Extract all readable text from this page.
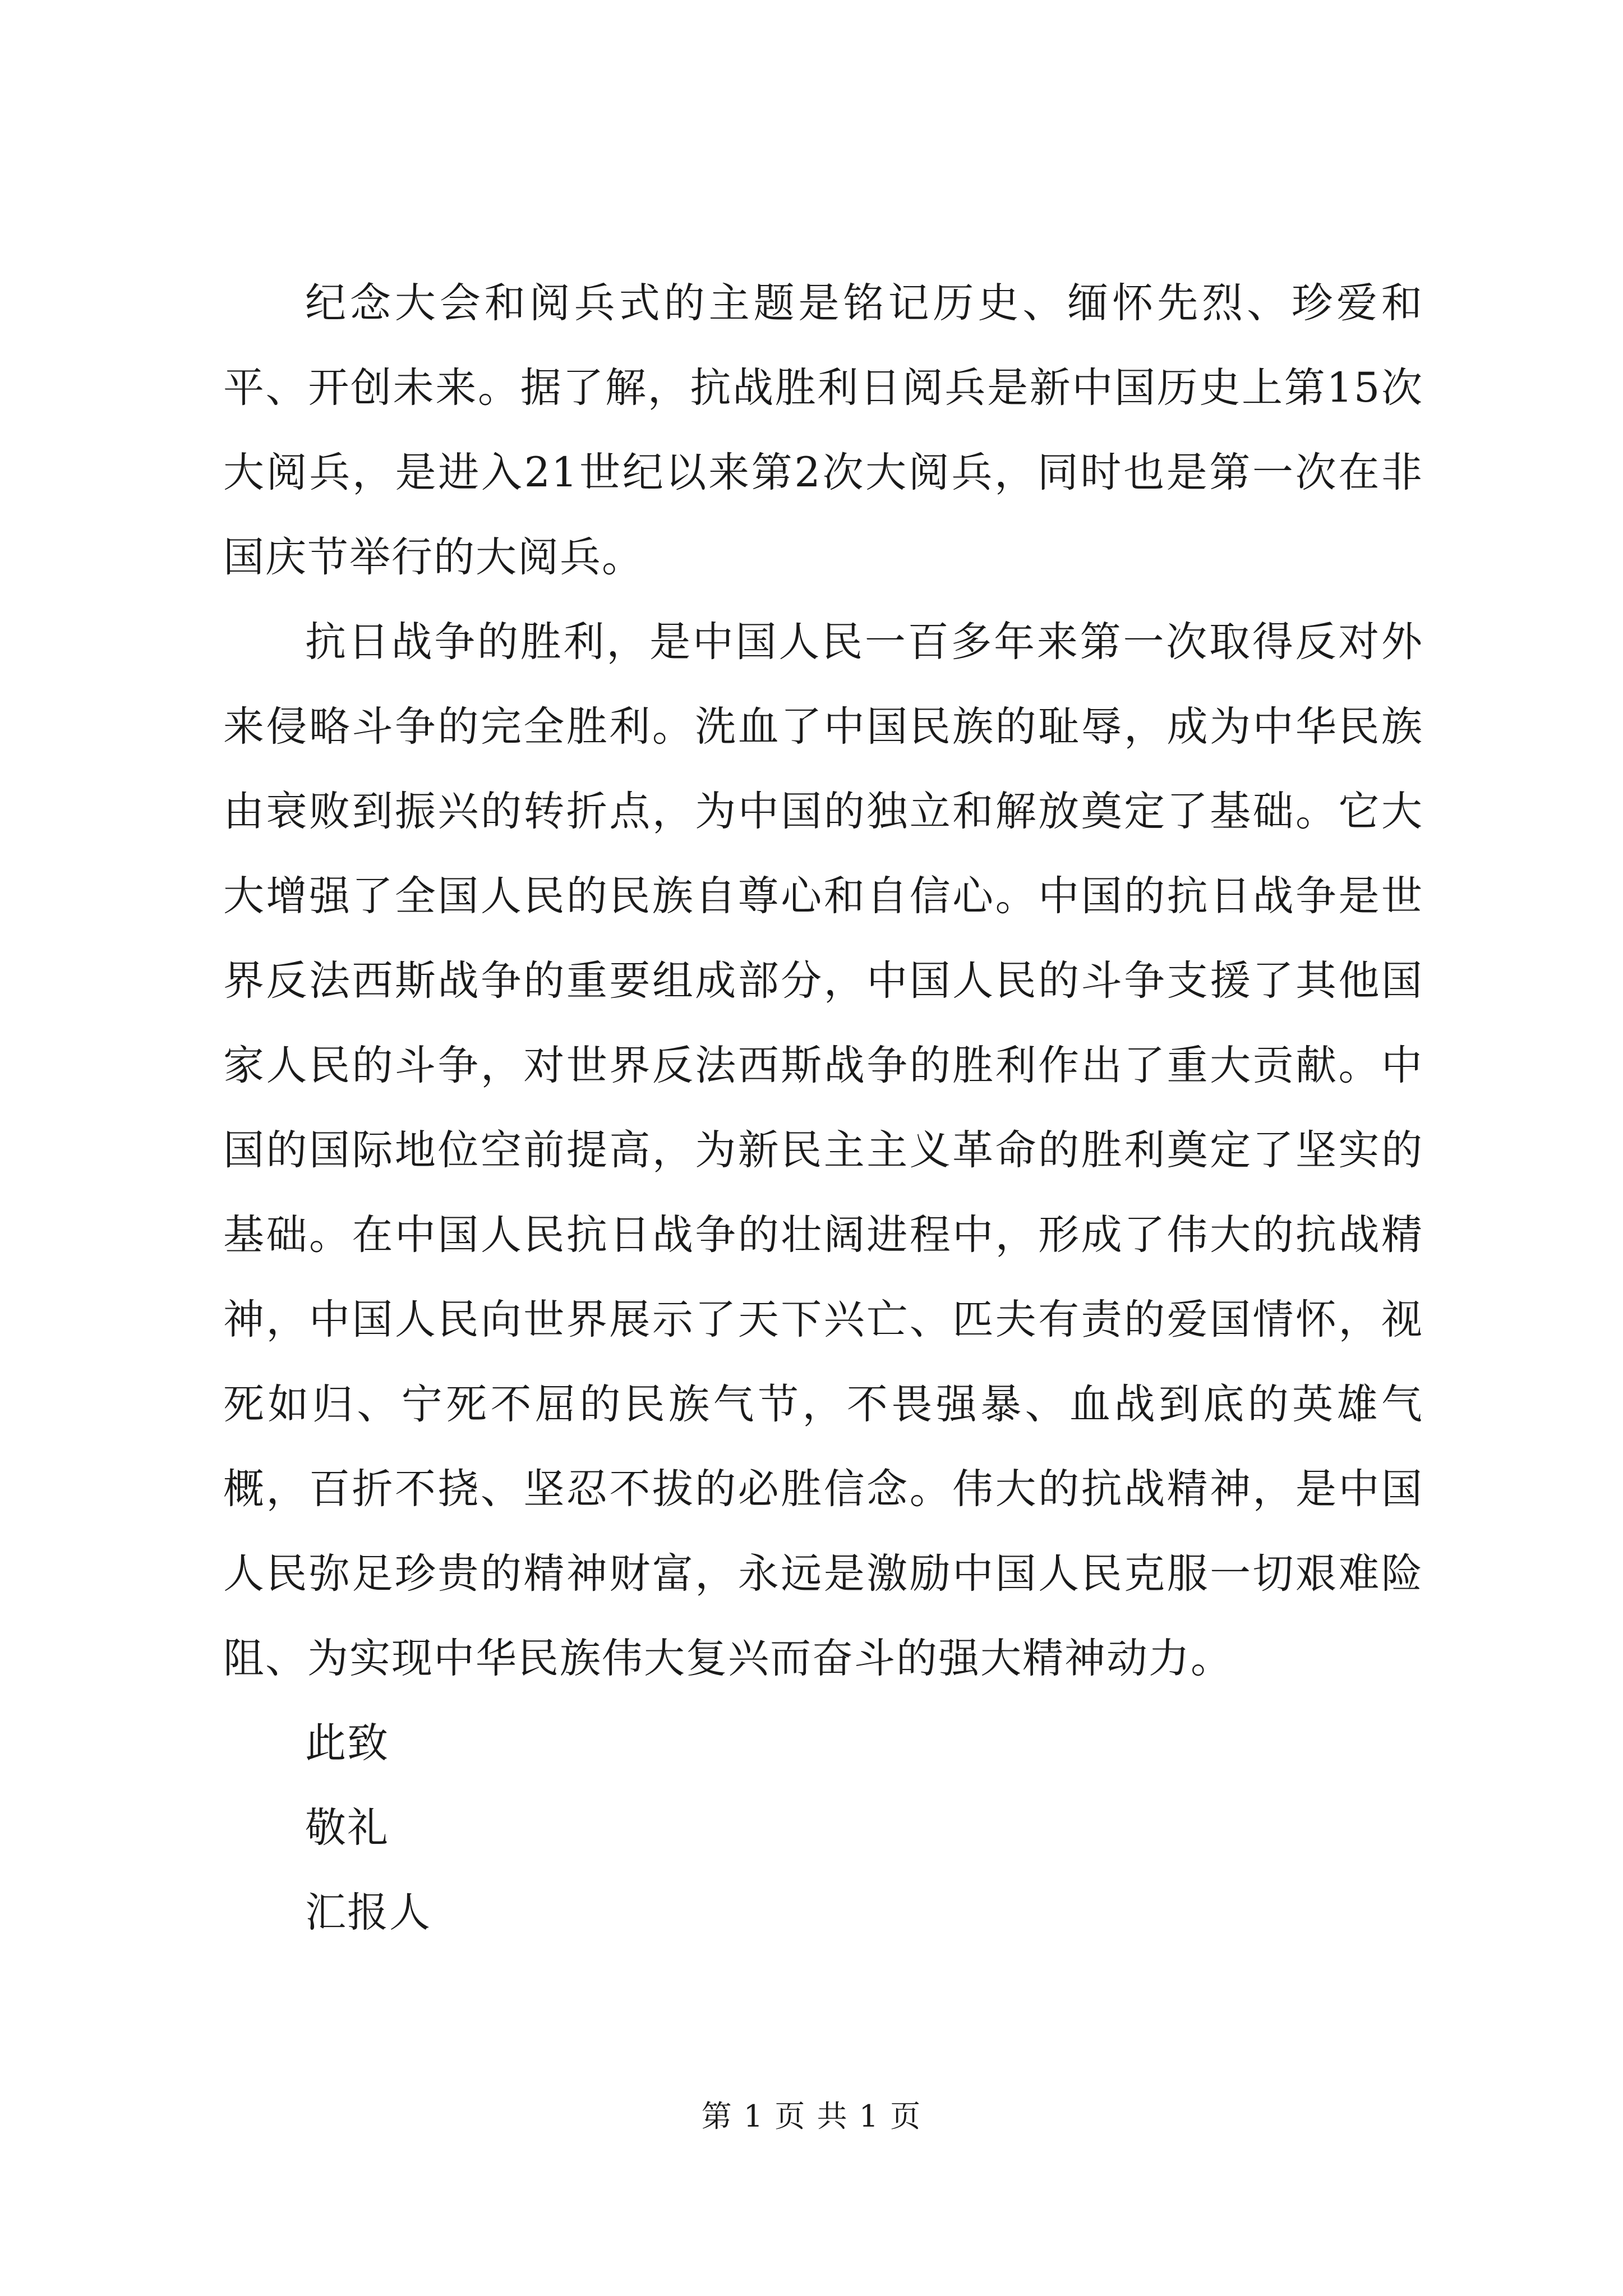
纪念大会和阅兵式的主题是铭记历史、缅怀先烈、珍爱和平、开创未来。据了解，抗战胜利日阅兵是新中国历史上第15次大阅兵，是进入21世纪以来第2次大阅兵，同时也是第一次在非国庆节举行的大阅兵。

抗日战争的胜利，是中国人民一百多年来第一次取得反对外来侵略斗争的完全胜利。洗血了中国民族的耻辱，成为中华民族由衰败到振兴的转折点，为中国的独立和解放奠定了基础。它大大增强了全国人民的民族自尊心和自信心。中国的抗日战争是世界反法西斯战争的重要组成部分，中国人民的斗争支援了其他国家人民的斗争，对世界反法西斯战争的胜利作出了重大贡献。中国的国际地位空前提高，为新民主主义革命的胜利奠定了坚实的基础。在中国人民抗日战争的壮阔进程中，形成了伟大的抗战精神，中国人民向世界展示了天下兴亡、匹夫有责的爱国情怀，视死如归、宁死不屈的民族气节，不畏强暴、血战到底的英雄气概，百折不挠、坚忍不拔的必胜信念。伟大的抗战精神，是中国人民弥足珍贵的精神财富，永远是激励中国人民克服一切艰难险阻、为实现中华民族伟大复兴而奋斗的强大精神动力。

此致

敬礼

汇报人

第 1 页 共 1 页
